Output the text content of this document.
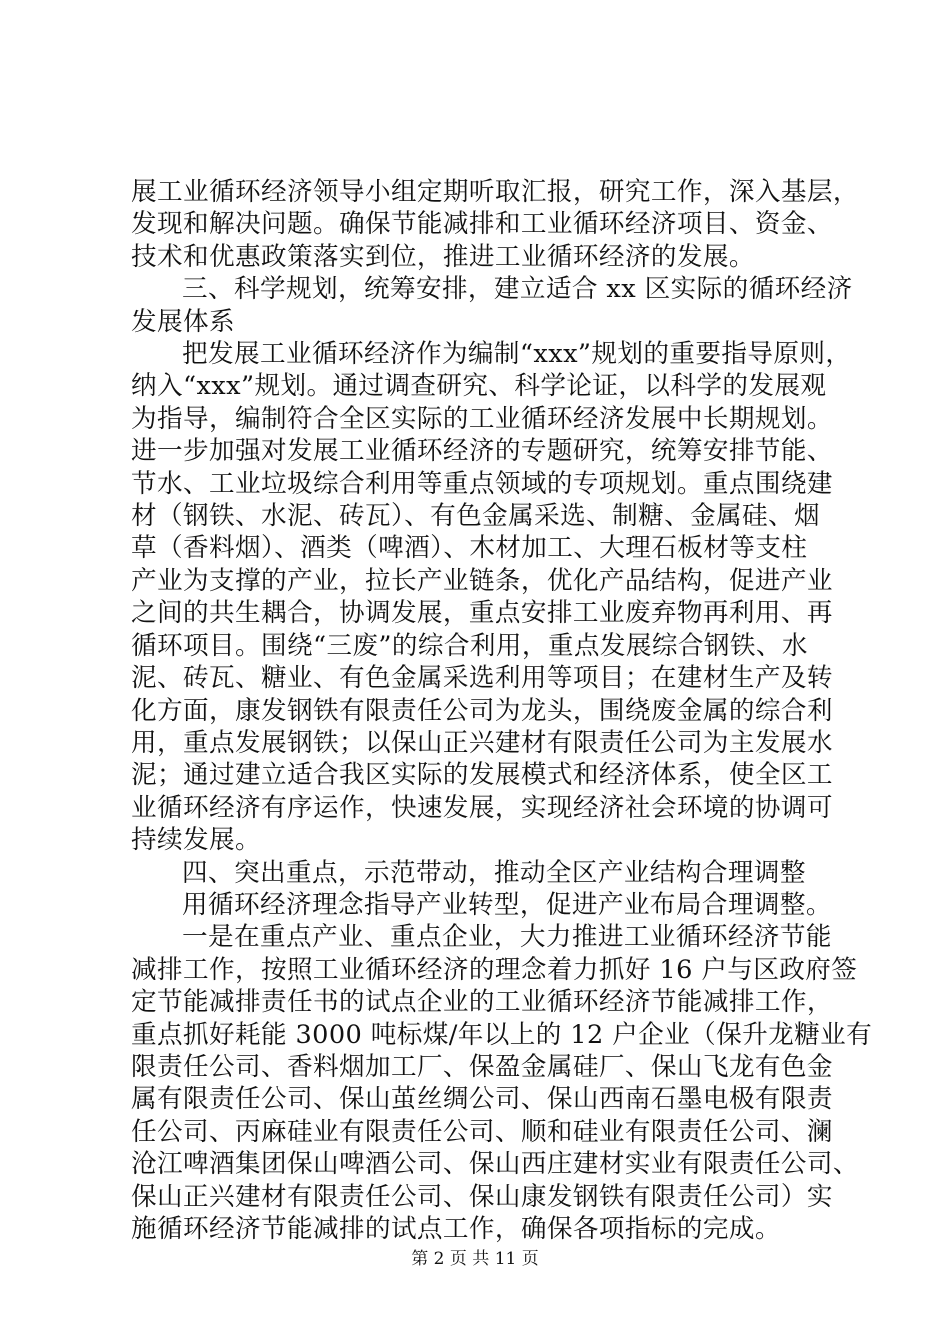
展工业循环经济领导小组定期听取汇报，研究工作，深入基层，
发现和解决问题。确保节能减排和工业循环经济项目、资金、
技术和优惠政策落实到位，推进工业循环经济的发展。
三、科学规划，统筹安排，建立适合 xx 区实际的循环经济
发展体系
把发展工业循环经济作为编制“xxx”规划的重要指导原则，
纳入“xxx”规划。通过调查研究、科学论证，以科学的发展观
为指导，编制符合全区实际的工业循环经济发展中长期规划。
进一步加强对发展工业循环经济的专题研究，统筹安排节能、
节水、工业垃圾综合利用等重点领域的专项规划。重点围绕建
材（钢铁、水泥、砖瓦）、有色金属采选、制糖、金属硅、烟
草（香料烟）、酒类（啤酒）、木材加工、大理石板材等支柱
产业为支撑的产业，拉长产业链条，优化产品结构，促进产业
之间的共生耦合，协调发展，重点安排工业废弃物再利用、再
循环项目。围绕“三废”的综合利用，重点发展综合钢铁、水
泥、砖瓦、糖业、有色金属采选利用等项目；在建材生产及转
化方面，康发钢铁有限责任公司为龙头，围绕废金属的综合利
用，重点发展钢铁；以保山正兴建材有限责任公司为主发展水
泥；通过建立适合我区实际的发展模式和经济体系，使全区工
业循环经济有序运作，快速发展，实现经济社会环境的协调可
持续发展。
四、突出重点，示范带动，推动全区产业结构合理调整
用循环经济理念指导产业转型，促进产业布局合理调整。
一是在重点产业、重点企业，大力推进工业循环经济节能
减排工作，按照工业循环经济的理念着力抓好 16 户与区政府签
定节能减排责任书的试点企业的工业循环经济节能减排工作，
重点抓好耗能 3000 吨标煤/年以上的 12 户企业（保升龙糖业有
限责任公司、香料烟加工厂、保盈金属硅厂、保山飞龙有色金
属有限责任公司、保山茧丝绸公司、保山西南石墨电极有限责
任公司、丙麻硅业有限责任公司、顺和硅业有限责任公司、澜
沧江啤酒集团保山啤酒公司、保山西庄建材实业有限责任公司、
保山正兴建材有限责任公司、保山康发钢铁有限责任公司）实
施循环经济节能减排的试点工作，确保各项指标的完成。
第 2 页 共 11 页
